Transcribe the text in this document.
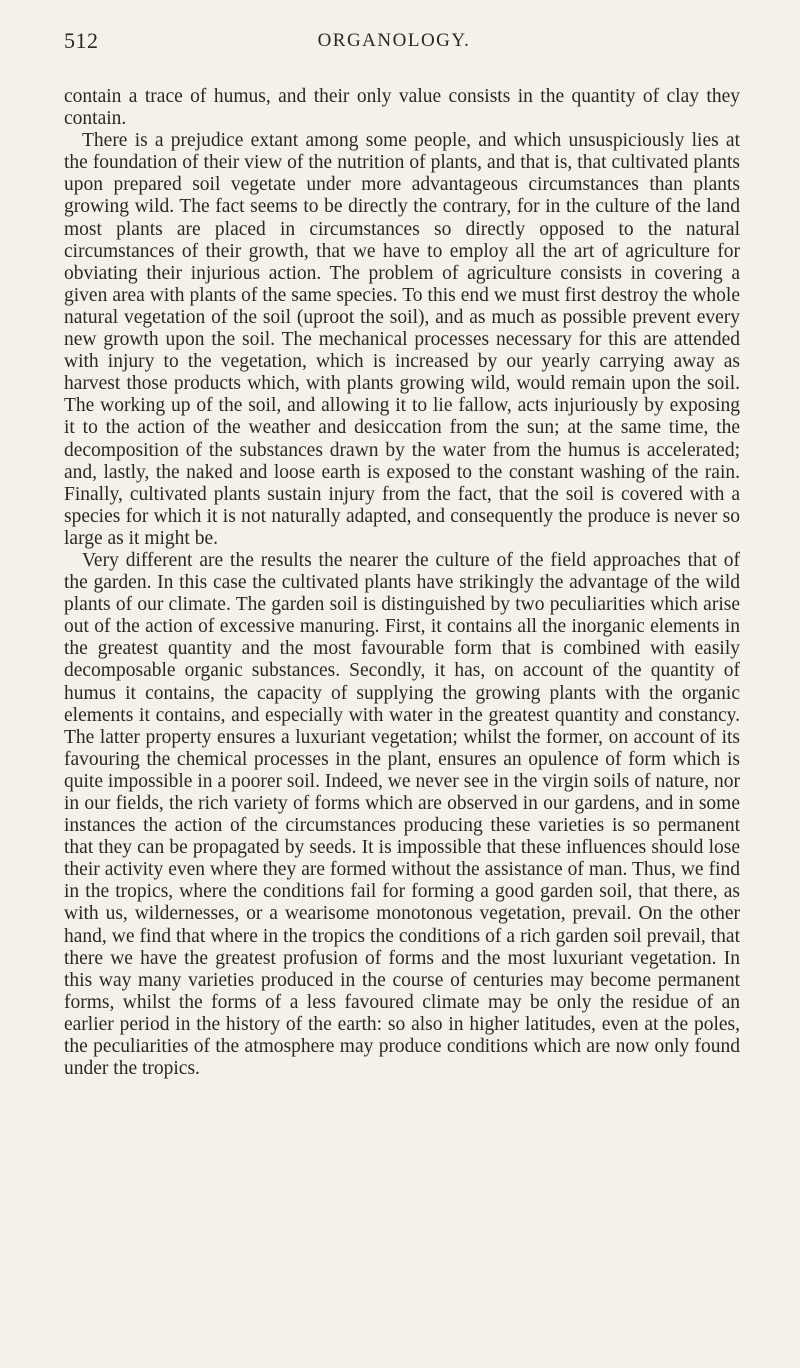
512	ORGANOLOGY.

contain a trace of humus, and their only value consists in the quantity of clay they contain.

There is a prejudice extant among some people, and which unsuspiciously lies at the foundation of their view of the nutrition of plants, and that is, that cultivated plants upon prepared soil vegetate under more advantageous circumstances than plants growing wild. The fact seems to be directly the contrary, for in the culture of the land most plants are placed in circumstances so directly opposed to the natural circumstances of their growth, that we have to employ all the art of agriculture for obviating their injurious action. The problem of agriculture consists in covering a given area with plants of the same species. To this end we must first destroy the whole natural vegetation of the soil (uproot the soil), and as much as possible prevent every new growth upon the soil. The mechanical processes necessary for this are attended with injury to the vegetation, which is increased by our yearly carrying away as harvest those products which, with plants growing wild, would remain upon the soil. The working up of the soil, and allowing it to lie fallow, acts injuriously by exposing it to the action of the weather and desiccation from the sun; at the same time, the decomposition of the substances drawn by the water from the humus is accelerated; and, lastly, the naked and loose earth is exposed to the constant washing of the rain. Finally, cultivated plants sustain injury from the fact, that the soil is covered with a species for which it is not naturally adapted, and consequently the produce is never so large as it might be.

Very different are the results the nearer the culture of the field approaches that of the garden. In this case the cultivated plants have strikingly the advantage of the wild plants of our climate. The garden soil is distinguished by two peculiarities which arise out of the action of excessive manuring. First, it contains all the inorganic elements in the greatest quantity and the most favourable form that is combined with easily decomposable organic substances. Secondly, it has, on account of the quantity of humus it contains, the capacity of supplying the growing plants with the organic elements it contains, and especially with water in the greatest quantity and constancy. The latter property ensures a luxuriant vegetation; whilst the former, on account of its favouring the chemical processes in the plant, ensures an opulence of form which is quite impossible in a poorer soil. Indeed, we never see in the virgin soils of nature, nor in our fields, the rich variety of forms which are observed in our gardens, and in some instances the action of the circumstances producing these varieties is so permanent that they can be propagated by seeds. It is impossible that these influences should lose their activity even where they are formed without the assistance of man. Thus, we find in the tropics, where the conditions fail for forming a good garden soil, that there, as with us, wildernesses, or a wearisome monotonous vegetation, prevail. On the other hand, we find that where in the tropics the conditions of a rich garden soil prevail, that there we have the greatest profusion of forms and the most luxuriant vegetation. In this way many varieties produced in the course of centuries may become permanent forms, whilst the forms of a less favoured climate may be only the residue of an earlier period in the history of the earth: so also in higher latitudes, even at the poles, the peculiarities of the atmosphere may produce conditions which are now only found under the tropics.
